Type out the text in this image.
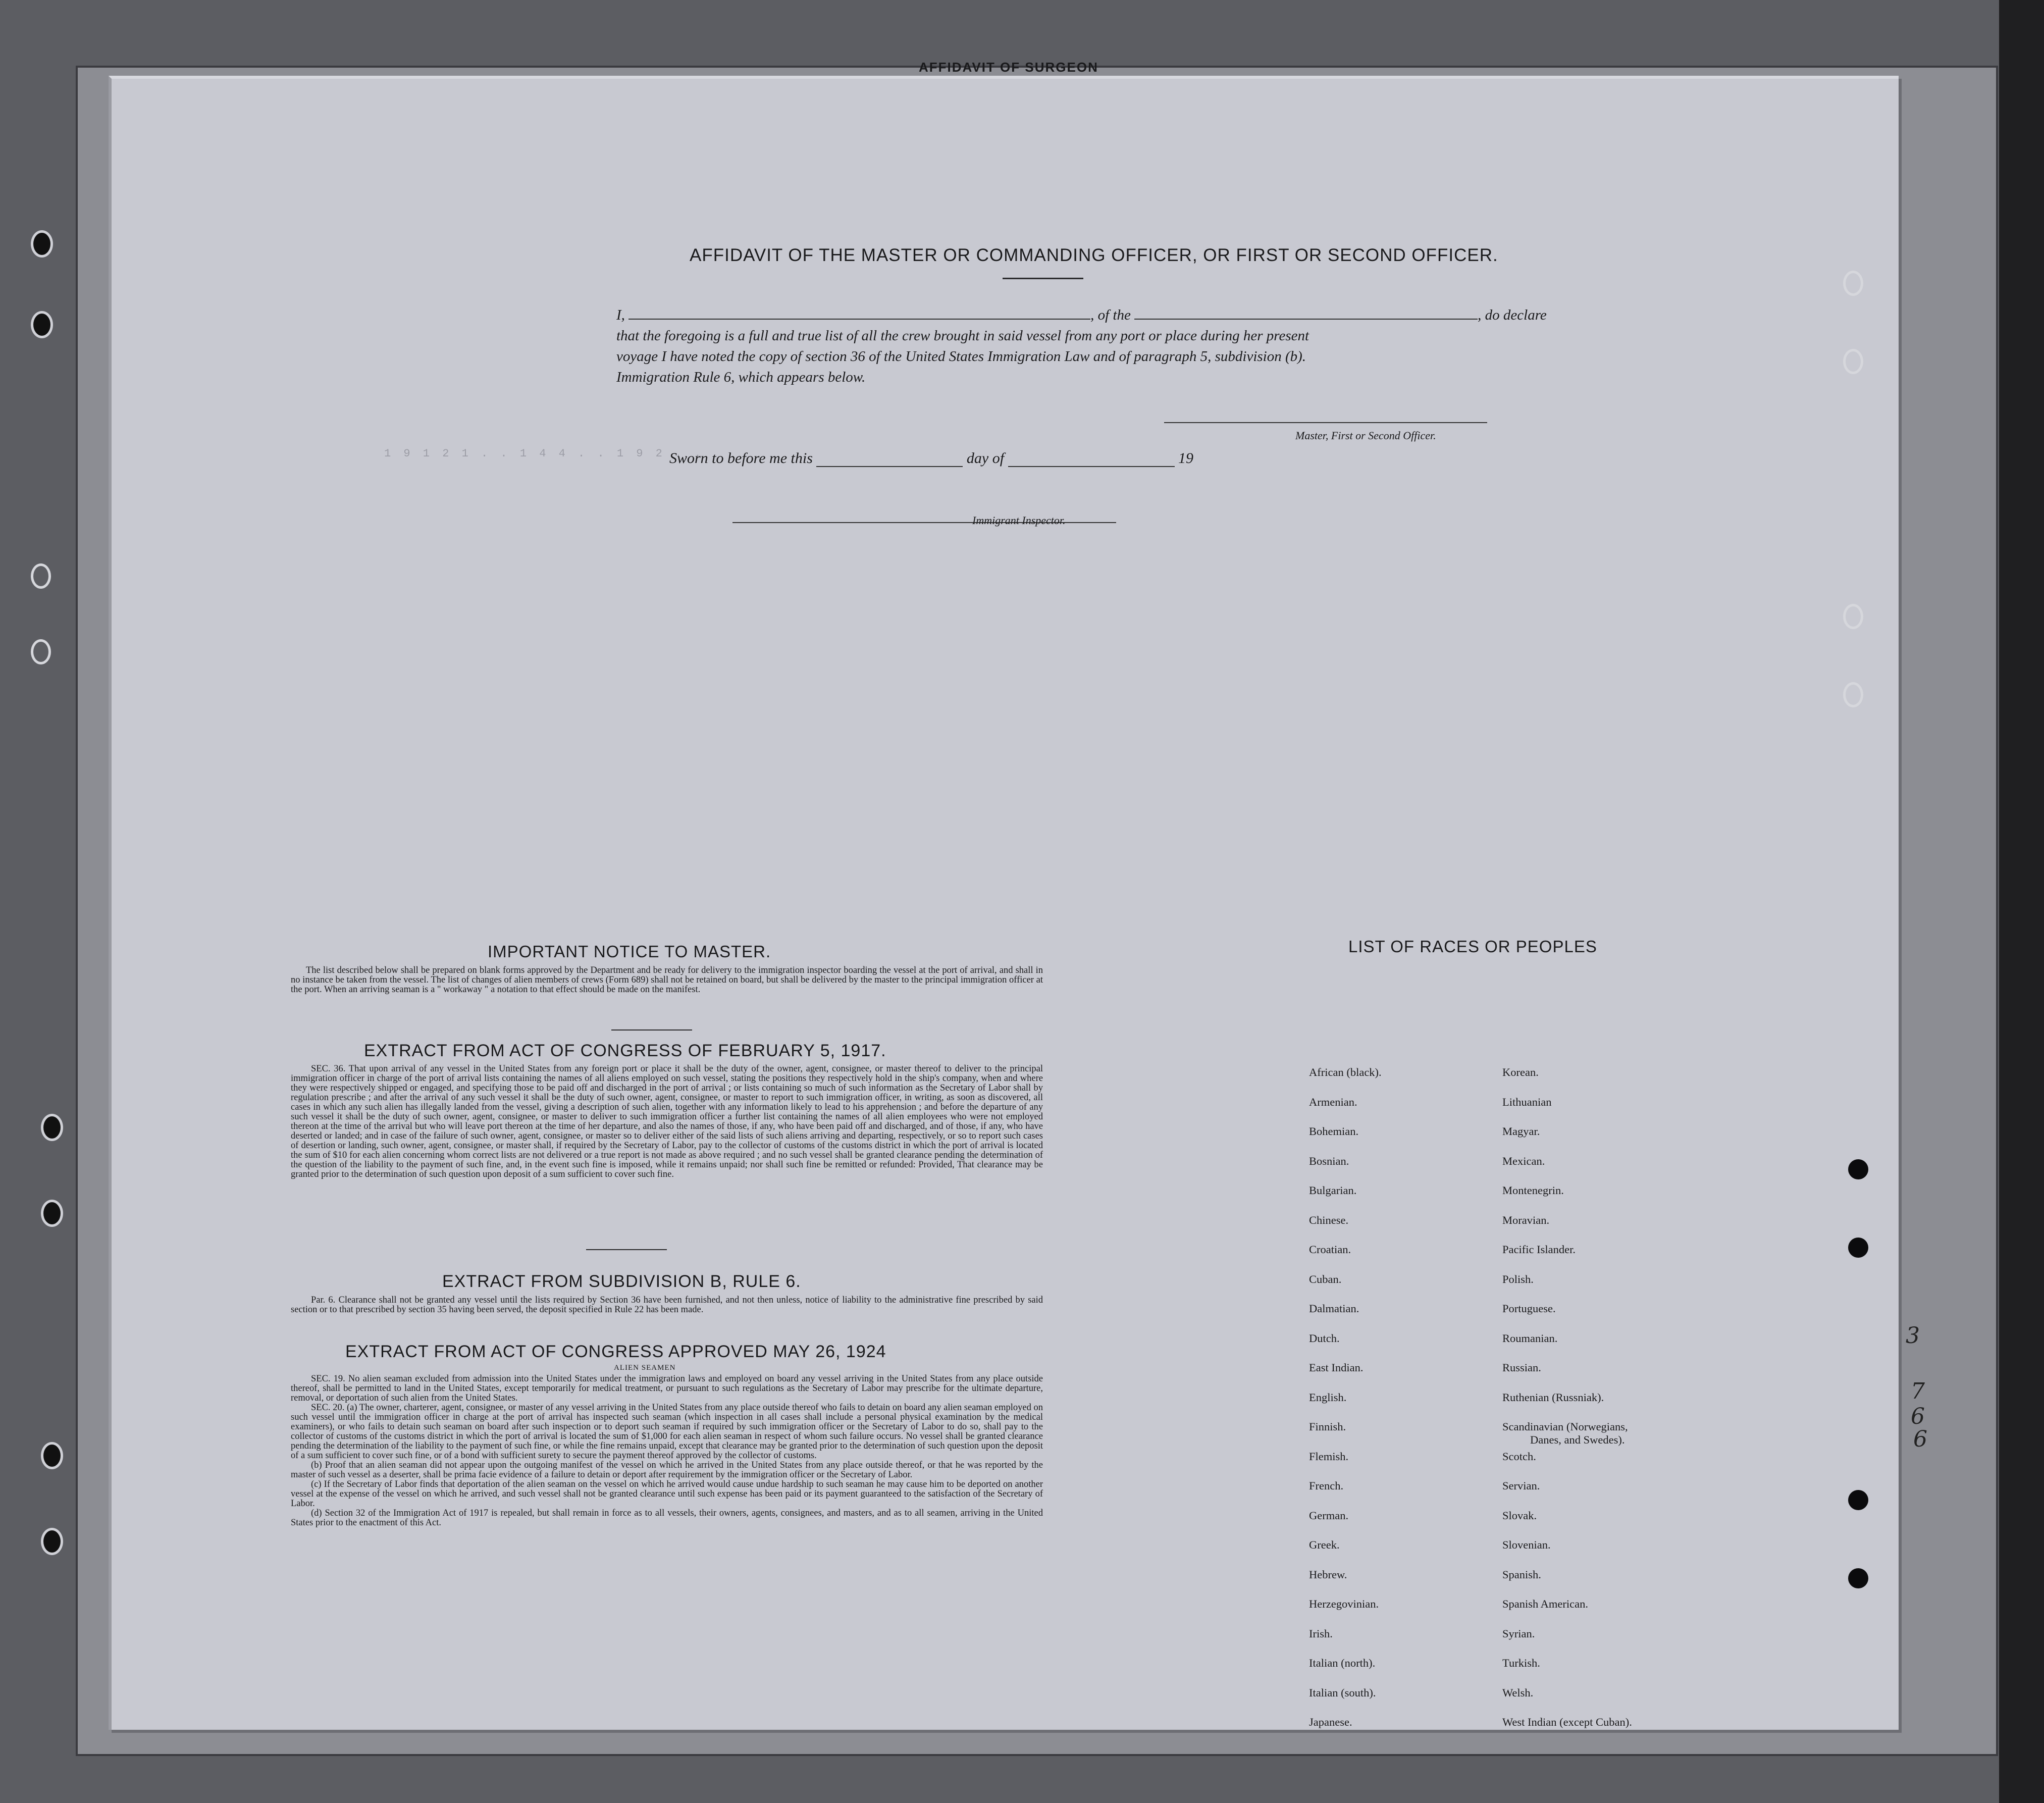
AFFIDAVIT OF SURGEON
1 9 1 2 1 . . 1 4 4 . . 1 9 2 . .
AFFIDAVIT OF THE MASTER OR COMMANDING OFFICER, OR FIRST OR SECOND OFFICER.
I,	, of the	, do declare
that the foregoing is a full and true list of all the crew brought in said vessel from any port or place during her present
voyage I have noted the copy of section 36 of the United States Immigration Law and of paragraph 5, subdivision (b).
Immigration Rule 6, which appears below.
Master, First or Second Officer.
Sworn to before me this	day of	19
Immigrant Inspector.
IMPORTANT NOTICE TO MASTER.

The list described below shall be prepared on blank forms approved by the Department and be ready for delivery to the immigration inspector boarding the vessel at the port of arrival, and shall in no instance be taken from the vessel. The list of changes of alien members of crews (Form 689) shall not be retained on board, but shall be delivered by the master to the principal immigration officer at the port. When an arriving seaman is a " workaway " a notation to that effect should be made on the manifest.

EXTRACT FROM ACT OF CONGRESS OF FEBRUARY 5, 1917.

SEC. 36. That upon arrival of any vessel in the United States from any foreign port or place it shall be the duty of the owner, agent, consignee, or master thereof to deliver to the principal immigration officer in charge of the port of arrival lists containing the names of all aliens employed on such vessel, stating the positions they respectively hold in the ship's company, when and where they were respectively shipped or engaged, and specifying those to be paid off and discharged in the port of arrival ; or lists containing so much of such information as the Secretary of Labor shall by regulation prescribe ; and after the arrival of any such vessel it shall be the duty of such owner, agent, consignee, or master to report to such immigration officer, in writing, as soon as discovered, all cases in which any such alien has illegally landed from the vessel, giving a description of such alien, together with any information likely to lead to his apprehension ; and before the departure of any such vessel it shall be the duty of such owner, agent, consignee, or master to deliver to such immigration officer a further list containing the names of all alien employees who were not employed thereon at the time of the arrival but who will leave port thereon at the time of her departure, and also the names of those, if any, who have been paid off and discharged, and of those, if any, who have deserted or landed; and in case of the failure of such owner, agent, consignee, or master so to deliver either of the said lists of such aliens arriving and departing, respectively, or so to report such cases of desertion or landing, such owner, agent, consignee, or master shall, if required by the Secretary of Labor, pay to the collector of customs of the customs district in which the port of arrival is located the sum of $10 for each alien concerning whom correct lists are not delivered or a true report is not made as above required ; and no such vessel shall be granted clearance pending the determination of the question of the liability to the payment of such fine, and, in the event such fine is imposed, while it remains unpaid; nor shall such fine be remitted or refunded: Provided, That clearance may be granted prior to the determination of such question upon deposit of a sum sufficient to cover such fine.

EXTRACT FROM SUBDIVISION B, RULE 6.

Par. 6. Clearance shall not be granted any vessel until the lists required by Section 36 have been furnished, and not then unless, notice of liability to the administrative fine prescribed by said section or to that prescribed by section 35 having been served, the deposit specified in Rule 22 has been made.

EXTRACT FROM ACT OF CONGRESS APPROVED MAY 26, 1924
ALIEN SEAMEN

SEC. 19. No alien seaman excluded from admission into the United States under the immigration laws and employed on board any vessel arriving in the United States from any place outside thereof, shall be permitted to land in the United States, except temporarily for medical treatment, or pursuant to such regulations as the Secretary of Labor may prescribe for the ultimate departure, removal, or deportation of such alien from the United States.

SEC. 20. (a) The owner, charterer, agent, consignee, or master of any vessel arriving in the United States from any place outside thereof who fails to detain on board any alien seaman employed on such vessel until the immigration officer in charge at the port of arrival has inspected such seaman (which inspection in all cases shall include a personal physical examination by the medical examiners), or who fails to detain such seaman on board after such inspection or to deport such seaman if required by such immigration officer or the Secretary of Labor to do so, shall pay to the collector of customs of the customs district in which the port of arrival is located the sum of $1,000 for each alien seaman in respect of whom such failure occurs. No vessel shall be granted clearance pending the determination of the liability to the payment of such fine, or while the fine remains unpaid, except that clearance may be granted prior to the determination of such question upon the deposit of a sum sufficient to cover such fine, or of a bond with sufficient surety to secure the payment thereof approved by the collector of customs.

(b) Proof that an alien seaman did not appear upon the outgoing manifest of the vessel on which he arrived in the United States from any place outside thereof, or that he was reported by the master of such vessel as a deserter, shall be prima facie evidence of a failure to detain or deport after requirement by the immigration officer or the Secretary of Labor.

(c) If the Secretary of Labor finds that deportation of the alien seaman on the vessel on which he arrived would cause undue hardship to such seaman he may cause him to be deported on another vessel at the expense of the vessel on which he arrived, and such vessel shall not be granted clearance until such expense has been paid or its payment guaranteed to the satisfaction of the Secretary of Labor.

(d) Section 32 of the Immigration Act of 1917 is repealed, but shall remain in force as to all vessels, their owners, agents, consignees, and masters, and as to all seamen, arriving in the United States prior to the enactment of this Act.

LIST OF RACES OR PEOPLES
African (black).
Armenian.
Bohemian.
Bosnian.
Bulgarian.
Chinese.
Croatian.
Cuban.
Dalmatian.
Dutch.
East Indian.
English.
Finnish.
Flemish.
French.
German.
Greek.
Hebrew.
Herzegovinian.
Irish.
Italian (north).
Italian (south).
Japanese.
Korean.
Lithuanian
Magyar.
Mexican.
Montenegrin.
Moravian.
Pacific Islander.
Polish.
Portuguese.
Roumanian.
Russian.
Ruthenian (Russniak).
Scandinavian (Norwegians,
Danes, and Swedes).
Scotch.
Servian.
Slovak.
Slovenian.
Spanish.
Spanish American.
Syrian.
Turkish.
Welsh.
West Indian (except Cuban).
3
7
6
6
